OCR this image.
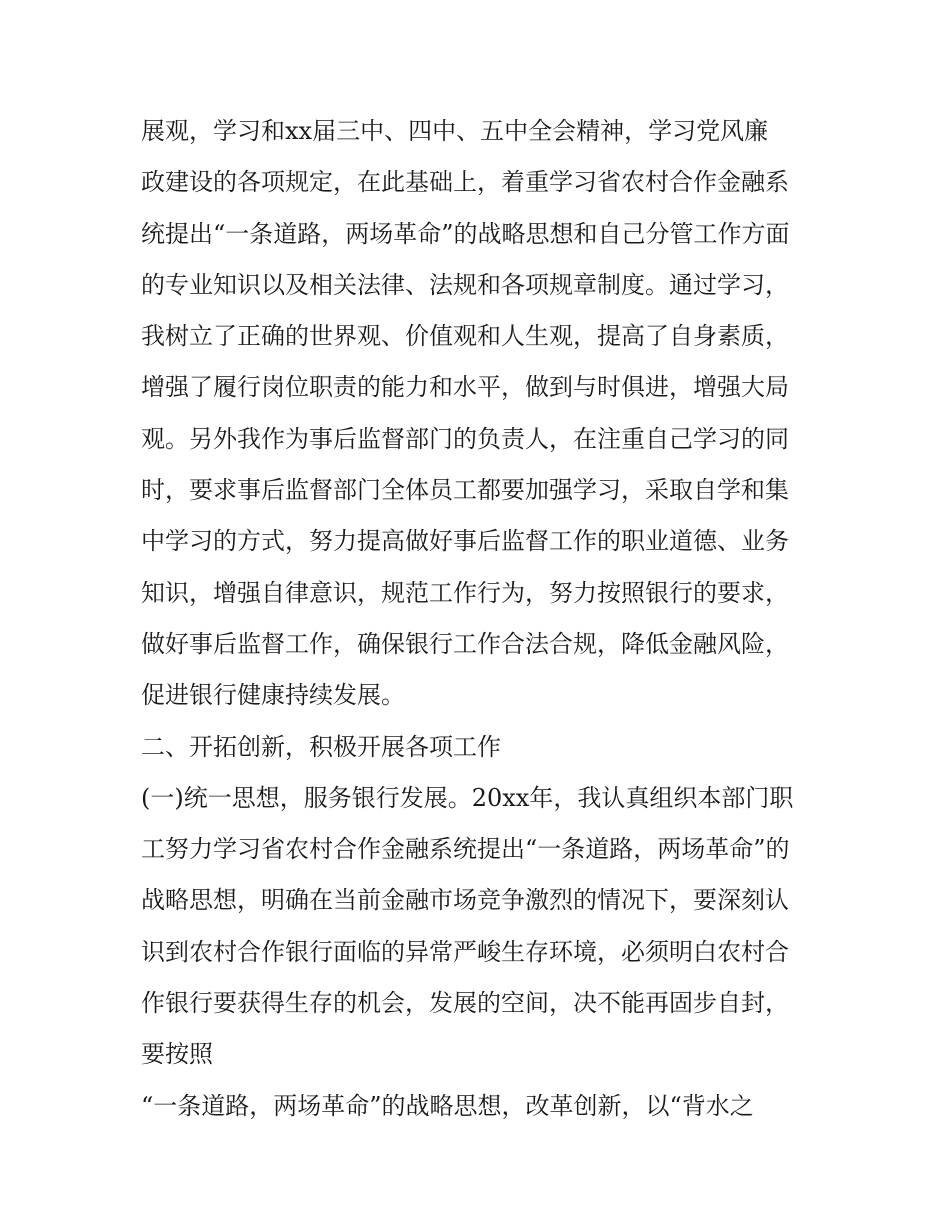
展观，学习和xx届三中、四中、五中全会精神，学习党风廉
政建设的各项规定，在此基础上，着重学习省农村合作金融系
统提出“一条道路，两场革命”的战略思想和自己分管工作方面
的专业知识以及相关法律、法规和各项规章制度。通过学习，
我树立了正确的世界观、价值观和人生观，提高了自身素质，
增强了履行岗位职责的能力和水平，做到与时俱进，增强大局
观。另外我作为事后监督部门的负责人，在注重自己学习的同
时，要求事后监督部门全体员工都要加强学习，采取自学和集
中学习的方式，努力提高做好事后监督工作的职业道德、业务
知识，增强自律意识，规范工作行为，努力按照银行的要求，
做好事后监督工作，确保银行工作合法合规，降低金融风险，
促进银行健康持续发展。
二、开拓创新，积极开展各项工作
(一)统一思想，服务银行发展。20xx年，我认真组织本部门职
工努力学习省农村合作金融系统提出“一条道路，两场革命”的
战略思想，明确在当前金融市场竞争激烈的情况下，要深刻认
识到农村合作银行面临的异常严峻生存环境，必须明白农村合
作银行要获得生存的机会，发展的空间，决不能再固步自封，
要按照
“一条道路，两场革命”的战略思想，改革创新，以“背水之
